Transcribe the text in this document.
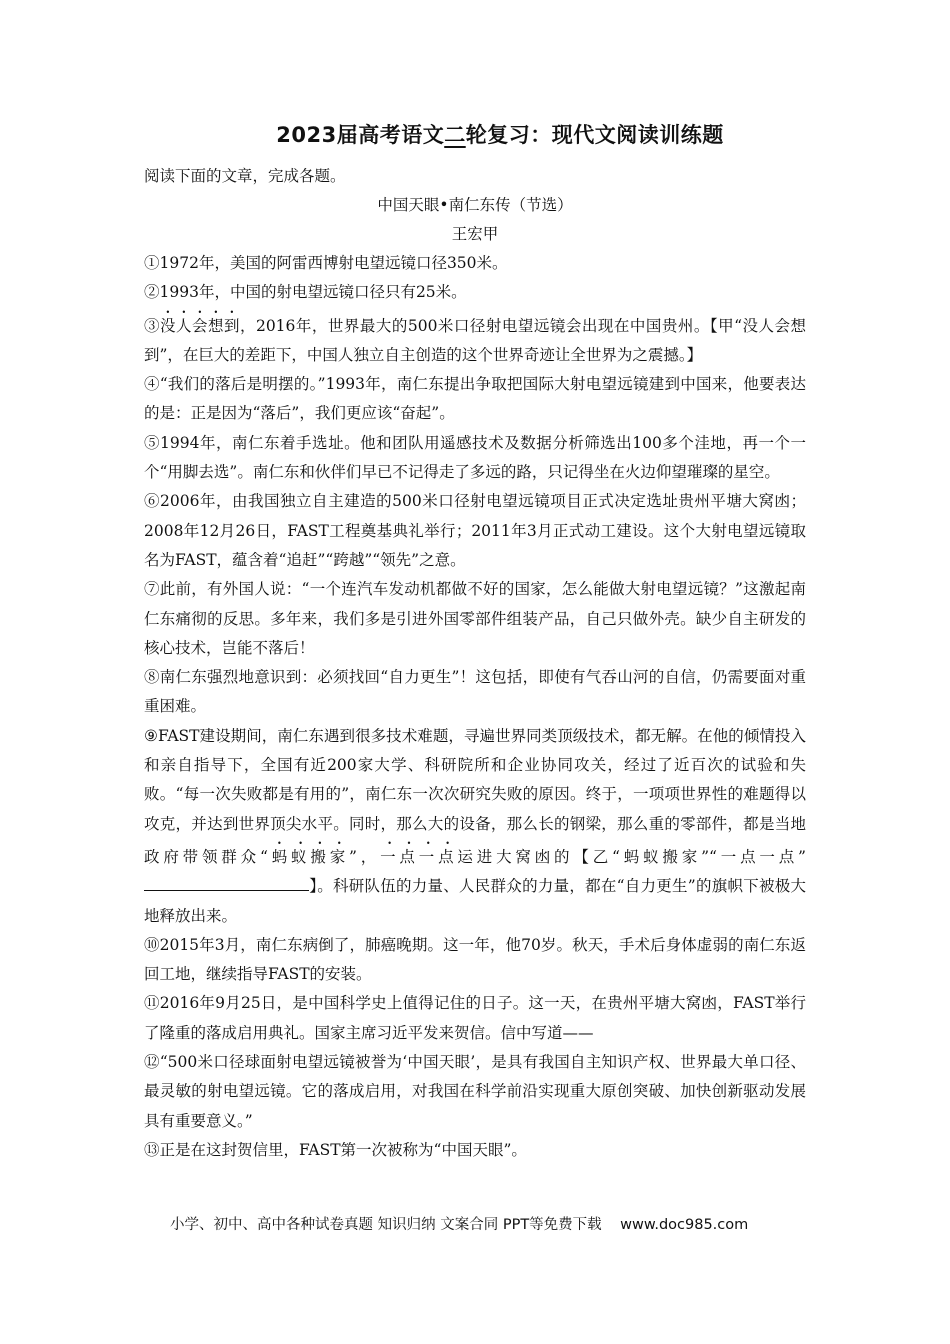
2023届高考语文二轮复习：现代文阅读训练题
阅读下面的文章，完成各题。
中国天眼•南仁东传（节选）
王宏甲

①1972年，美国的阿雷西博射电望远镜口径350米。

②1993年，中国的射电望远镜口径只有25米。

③没人会想到，2016年，世界最大的500米口径射电望远镜会出现在中国贵州。【甲“没人会想到”，在巨大的差距下，中国人独立自主创造的这个世界奇迹让全世界为之震撼。】

④“我们的落后是明摆的。”1993年，南仁东提出争取把国际大射电望远镜建到中国来，他要表达的是：正是因为“落后”，我们更应该“奋起”。

⑤1994年，南仁东着手选址。他和团队用遥感技术及数据分析筛选出100多个洼地，再一个一个“用脚去选”。南仁东和伙伴们早已不记得走了多远的路，只记得坐在火边仰望璀璨的星空。

⑥2006年，由我国独立自主建造的500米口径射电望远镜项目正式决定选址贵州平塘大窝凼；2008年12月26日，FAST工程奠基典礼举行；2011年3月正式动工建设。这个大射电望远镜取名为FAST，蕴含着“追赶”“跨越”“领先”之意。

⑦此前，有外国人说：“一个连汽车发动机都做不好的国家，怎么能做大射电望远镜？”这激起南仁东痛彻的反思。多年来，我们多是引进外国零部件组装产品，自己只做外壳。缺少自主研发的核心技术，岂能不落后！

⑧南仁东强烈地意识到：必须找回“自力更生”！这包括，即使有气吞山河的自信，仍需要面对重重困难。

⑨FAST建设期间，南仁东遇到很多技术难题，寻遍世界同类顶级技术，都无解。在他的倾情投入和亲自指导下，全国有近200家大学、科研院所和企业协同攻关，经过了近百次的试验和失败。“每一次失败都是有用的”，南仁东一次次研究失败的原因。终于，一项项世界性的难题得以攻克，并达到世界顶尖水平。同时，那么大的设备，那么长的钢梁，那么重的零部件，都是当地政府带领群众“蚂蚁搬家”，一点一点运进大窝凼的【乙“蚂蚁搬家”“一点一点”】。科研队伍的力量、人民群众的力量，都在“自力更生”的旗帜下被极大地释放出来。

⑩2015年3月，南仁东病倒了，肺癌晚期。这一年，他70岁。秋天，手术后身体虚弱的南仁东返回工地，继续指导FAST的安装。

⑪2016年9月25日，是中国科学史上值得记住的日子。这一天，在贵州平塘大窝凼，FAST举行了隆重的落成启用典礼。国家主席习近平发来贺信。信中写道——

⑫“500米口径球面射电望远镜被誉为‘中国天眼’，是具有我国自主知识产权、世界最大单口径、最灵敏的射电望远镜。它的落成启用，对我国在科学前沿实现重大原创突破、加快创新驱动发展具有重要意义。”

⑬正是在这封贺信里，FAST第一次被称为“中国天眼”。

小学、初中、高中各种试卷真题 知识归纳 文案合同 PPT等免费下载    www.doc985.com
